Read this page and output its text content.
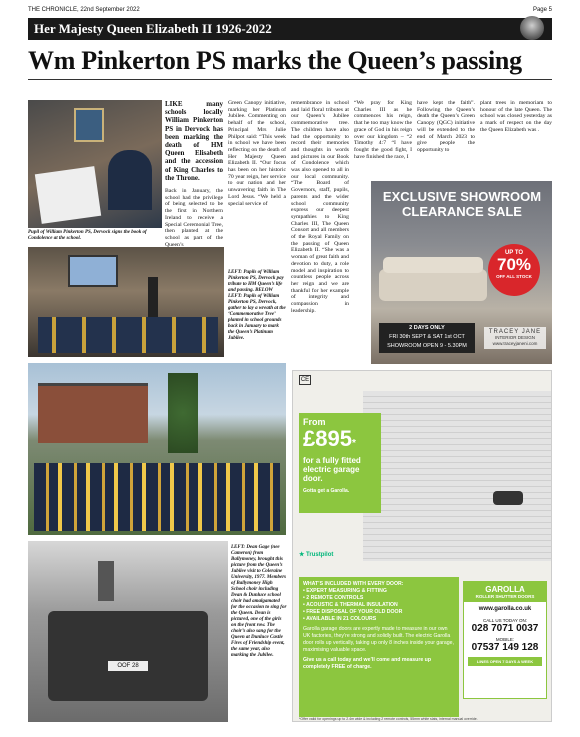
THE CHRONICLE, 22nd September 2022	Page 5
Her Majesty Queen Elizabeth II 1926-2022
Wm Pinkerton PS marks the Queen’s passing
Pupil of William Pinkerton PS, Dervock signs the book of Condolence at the school.
LEFT: Pupils of William Pinkerton PS, Dervock pay tribute to HM Queen’s life and passing. BELOW LEFT: Pupils of William Pinkerton PS, Dervock, gather to lay a wreath at the ‘Commemorative Tree’ planted in school grounds back in January to mark the Queen’s Platinum Jubilee.
OOF 28
LEFT: Dean Gage (nee Cameron) from Ballymoney, brought this picture from the Queen’s Jubilee visit to Coleraine University, 1977. Members of Ballymoney High School choir including Dean & Dunluce school choir had amalgamated for the occasion to sing for the Queen. Dean is pictured, one of the girls on the front row. The choir’s also sang for the Queen at Dunluce Castle Fires of Friendship event, the same year, also marking the Jubilee.
LIKE many schools locally William Pinkerton PS in Dervock has been marking the death of HM Queen Elisabeth and the accession of King Charles to the Throne.
Back in January, the school had the privilege of being selected to be the first in Northern Ireland to receive a Special Ceremonial Tree, then planted at the school as part of the Queen’s
Green Canopy initiative, marking her Platinum Jubilee. Commenting on behalf of the school, Principal Mrs Julie Philpot said: “This week in school we have been reflecting on the death of Her Majesty Queen Elizabeth II. “Our focus has been on her historic 70 year reign, her service to our nation and her unwavering faith in The Lord Jesus. “We held a special service of
remembrance in school and laid floral tributes at our Queen’s Jubilee commemorative tree. The children have also had the opportunity to record their memories and thoughts in words and pictures in our Book of Condolence which was also opened to all in our local community. “The Board of Governors, staff, pupils, parents and the wider school community express our deepest sympathies to King Charles III, The Queen Consort and all members of the Royal Family on the passing of Queen Elizabeth II. “She was a woman of great faith and devotion to duty, a role model and inspiration to countless people across her reign and we are thankful for her example of integrity and compassion in leadership.
“We pray for King Charles III as he commences his reign, that he too may know the grace of God in his reign over our kingdom – “2 Timothy 4:7 “I have fought the good fight, I have finished the race, I
have kept the faith”. Following the Queen’s death the Queen’s Green Canopy (QGC) initiative will be extended to the end of March 2023 to give people the opportunity to
plant trees in memoriam to honour of the late Queen. The school was closed yesterday as a mark of respect on the day the Queen Elizabeth was .
EXCLUSIVE SHOWROOM CLEARANCE SALE
UP TO
70%
OFF ALL STOCK
2 DAYS ONLY
FRI 30th SEPT & SAT 1st OCT
SHOWROOM OPEN 9 - 5.30PM
TRACEY JANE
INTERIOR DESIGN
www.traceyjaneni.com
CE
From
£895*
for a fully fitted electric garage door.
Gotta get a Garolla.
★ Trustpilot
WHAT’S INCLUDED WITH EVERY DOOR:
• EXPERT MEASURING & FITTING
• 2 REMOTE CONTROLS
• ACOUSTIC & THERMAL INSULATION
• FREE DISPOSAL OF YOUR OLD DOOR
• AVAILABLE IN 21 COLOURS
Garolla garage doors are expertly made to measure in our own UK factories, they’re strong and solidly built. The electric Garolla door rolls up vertically, taking up only 8 inches inside your garage, maximising valuable space.
Give us a call today and we’ll come and measure up completely FREE of charge.
GAROLLA
ROLLER SHUTTER DOORS
www.garolla.co.uk
CALL US TODAY ON:
028 7071 0037
MOBILE:
07537 149 128
LINES OPEN 7 DAYS A WEEK
*Offer valid for openings up to 2.4m wide & including 2 remote controls, 55mm white slats, internal manual override.
